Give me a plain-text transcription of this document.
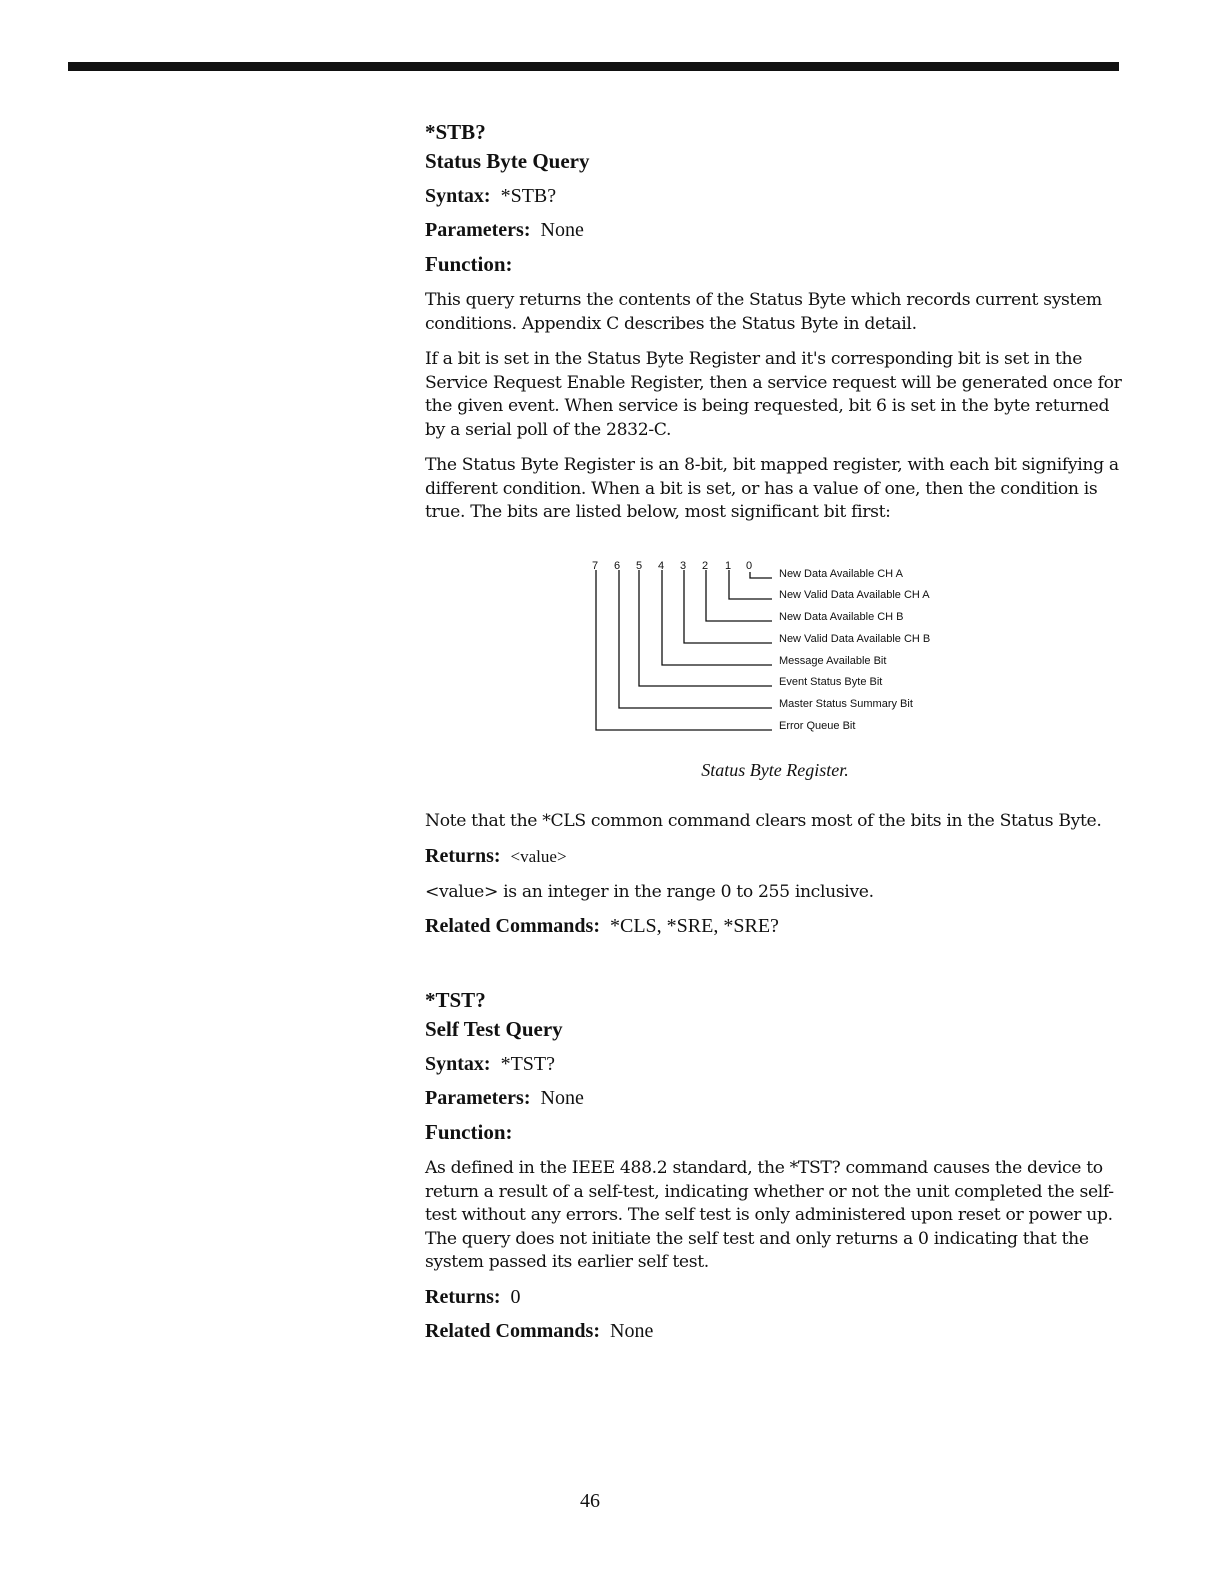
*STB?

Status Byte Query

Syntax: *STB?

Parameters: None

Function:

This query returns the contents of the Status Byte which records current system conditions. Appendix C describes the Status Byte in detail.

If a bit is set in the Status Byte Register and it's corresponding bit is set in the Service Request Enable Register, then a service request will be generated once for the given event. When service is being requested, bit 6 is set in the byte returned by a serial poll of the 2832-C.

The Status Byte Register is an 8-bit, bit mapped register, with each bit signifying a different condition. When a bit is set, or has a value of one, then the condition is true. The bits are listed below, most significant bit first:

7 6 5 4 3 2 1 0
New Data Available CH A
New Valid Data Available CH A
New Data Available CH B
New Valid Data Available CH B
Message Available Bit
Event Status Byte Bit
Master Status Summary Bit
Error Queue Bit
Status Byte Register.

Note that the *CLS common command clears most of the bits in the Status Byte.

Returns: <value>

<value> is an integer in the range 0 to 255 inclusive.

Related Commands: *CLS, *SRE, *SRE?

*TST?

Self Test Query

Syntax: *TST?

Parameters: None

Function:

As defined in the IEEE 488.2 standard, the *TST? command causes the device to return a result of a self-test, indicating whether or not the unit completed the self-test without any errors. The self test is only administered upon reset or power up. The query does not initiate the self test and only returns a 0 indicating that the system passed its earlier self test.

Returns: 0

Related Commands: None

46
